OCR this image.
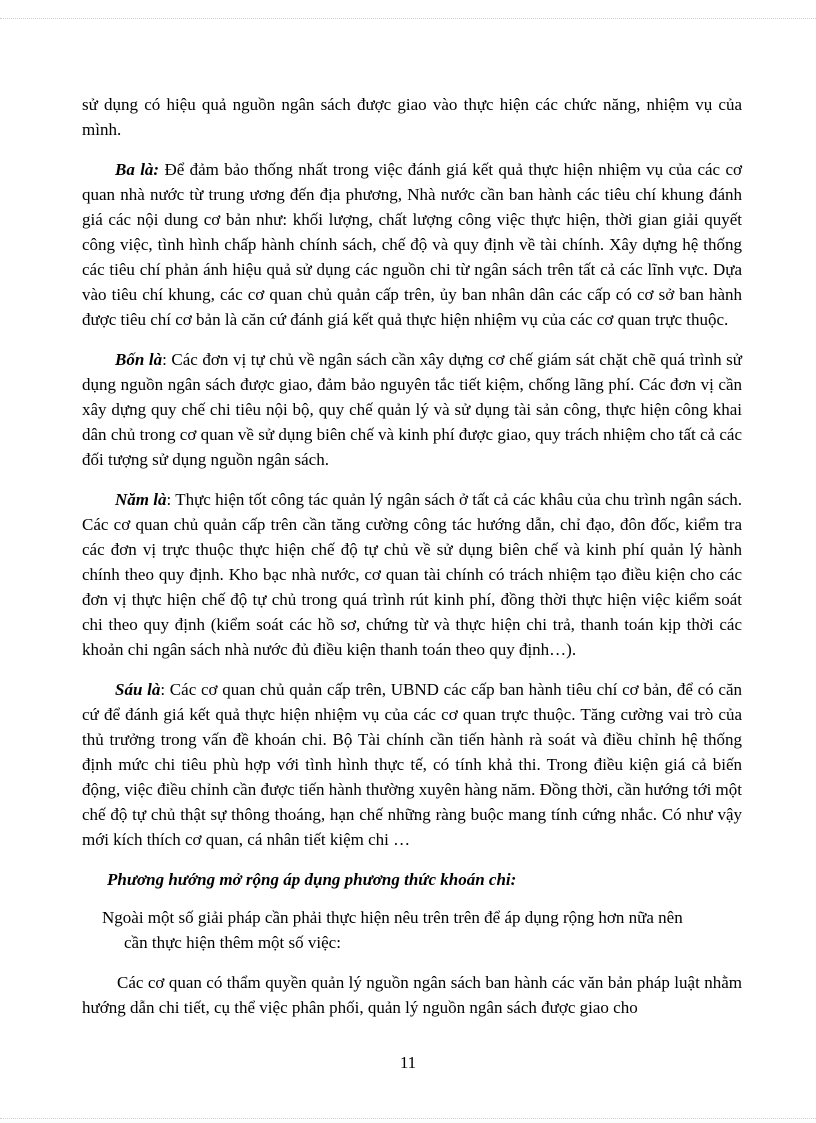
sử dụng có hiệu quả nguồn ngân sách được giao vào thực hiện các chức năng, nhiệm vụ của mình.

Ba là: Để đảm bảo thống nhất trong việc đánh giá kết quả thực hiện nhiệm vụ của các cơ quan nhà nước từ trung ương đến địa phương, Nhà nước cần ban hành các tiêu chí khung đánh giá các nội dung cơ bản như: khối lượng, chất lượng công việc thực hiện, thời gian giải quyết công việc, tình hình chấp hành chính sách, chế độ và quy định về tài chính. Xây dựng hệ thống các tiêu chí phản ánh hiệu quả sử dụng các nguồn chi từ ngân sách trên tất cả các lĩnh vực. Dựa vào tiêu chí khung, các cơ quan chủ quản cấp trên, ủy ban nhân dân các cấp có cơ sở ban hành được tiêu chí cơ bản là căn cứ đánh giá kết quả thực hiện nhiệm vụ của các cơ quan trực thuộc.

Bốn là: Các đơn vị tự chủ về ngân sách cần xây dựng cơ chế giám sát chặt chẽ quá trình sử dụng nguồn ngân sách được giao, đảm bảo nguyên tắc tiết kiệm, chống lãng phí. Các đơn vị cần xây dựng quy chế chi tiêu nội bộ, quy chế quản lý và sử dụng tài sản công, thực hiện công khai dân chủ trong cơ quan về sử dụng biên chế và kinh phí được giao, quy trách nhiệm cho tất cả các đối tượng sử dụng nguồn ngân sách.

Năm là: Thực hiện tốt công tác quản lý ngân sách ở tất cả các khâu của chu trình ngân sách. Các cơ quan chủ quản cấp trên cần tăng cường công tác hướng dẫn, chỉ đạo, đôn đốc, kiểm tra các đơn vị trực thuộc thực hiện chế độ tự chủ về sử dụng biên chế và kinh phí quản lý hành chính theo quy định. Kho bạc nhà nước, cơ quan tài chính có trách nhiệm tạo điều kiện cho các đơn vị thực hiện chế độ tự chủ trong quá trình rút kinh phí, đồng thời thực hiện việc kiểm soát chi theo quy định (kiểm soát các hồ sơ, chứng từ và thực hiện chi trả, thanh toán kịp thời các khoản chi ngân sách nhà nước đủ điều kiện thanh toán theo quy định…).

Sáu là: Các cơ quan chủ quản cấp trên, UBND các cấp ban hành tiêu chí cơ bản, để có căn cứ để đánh giá kết quả thực hiện nhiệm vụ của các cơ quan trực thuộc. Tăng cường vai trò của thủ trưởng trong vấn đề khoán chi. Bộ Tài chính cần tiến hành rà soát và điều chỉnh hệ thống định mức chi tiêu phù hợp với tình hình thực tế, có tính khả thi. Trong điều kiện giá cả biến động, việc điều chỉnh cần được tiến hành thường xuyên hàng năm. Đồng thời, cần hướng tới một chế độ tự chủ thật sự thông thoáng, hạn chế những ràng buộc mang tính cứng nhắc. Có như vậy mới kích thích cơ quan, cá nhân tiết kiệm chi …

Phương hướng mở rộng áp dụng phương thức khoán chi:

Ngoài một số giải pháp cần phải thực hiện nêu trên trên để áp dụng rộng hơn nữa nên

cần thực hiện thêm một số việc:

Các cơ quan có thẩm quyền quản lý nguồn ngân sách ban hành các văn bản pháp luật nhằm hướng dẫn chi tiết, cụ thể việc phân phối, quản lý nguồn ngân sách được giao cho

11
